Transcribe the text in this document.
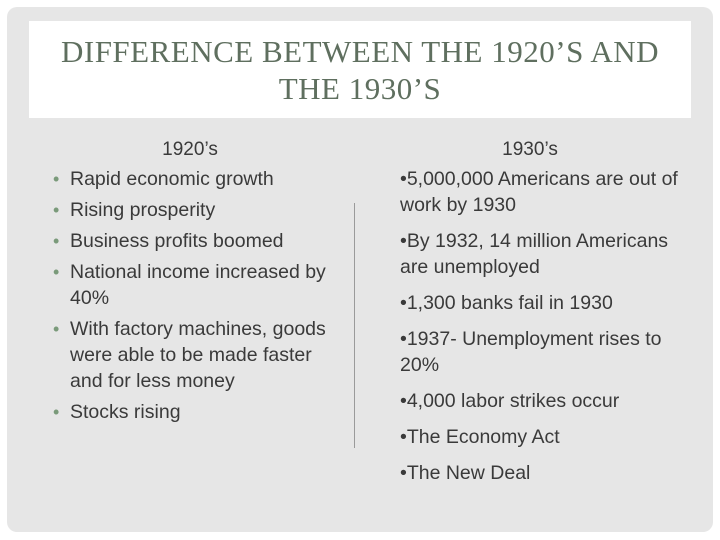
DIFFERENCE BETWEEN THE 1920’S AND THE 1930’S
1920’s	1930’s
• Rapid economic growth
• Rising prosperity
• Business profits boomed
• National income increased by 40%
• With factory machines, goods were able to be made faster and for less money
• Stocks rising
•5,000,000 Americans are out of work by 1930
•By 1932, 14 million Americans are unemployed
•1,300 banks fail in 1930
•1937- Unemployment rises to 20%
•4,000 labor strikes occur
•The Economy Act
•The New Deal
